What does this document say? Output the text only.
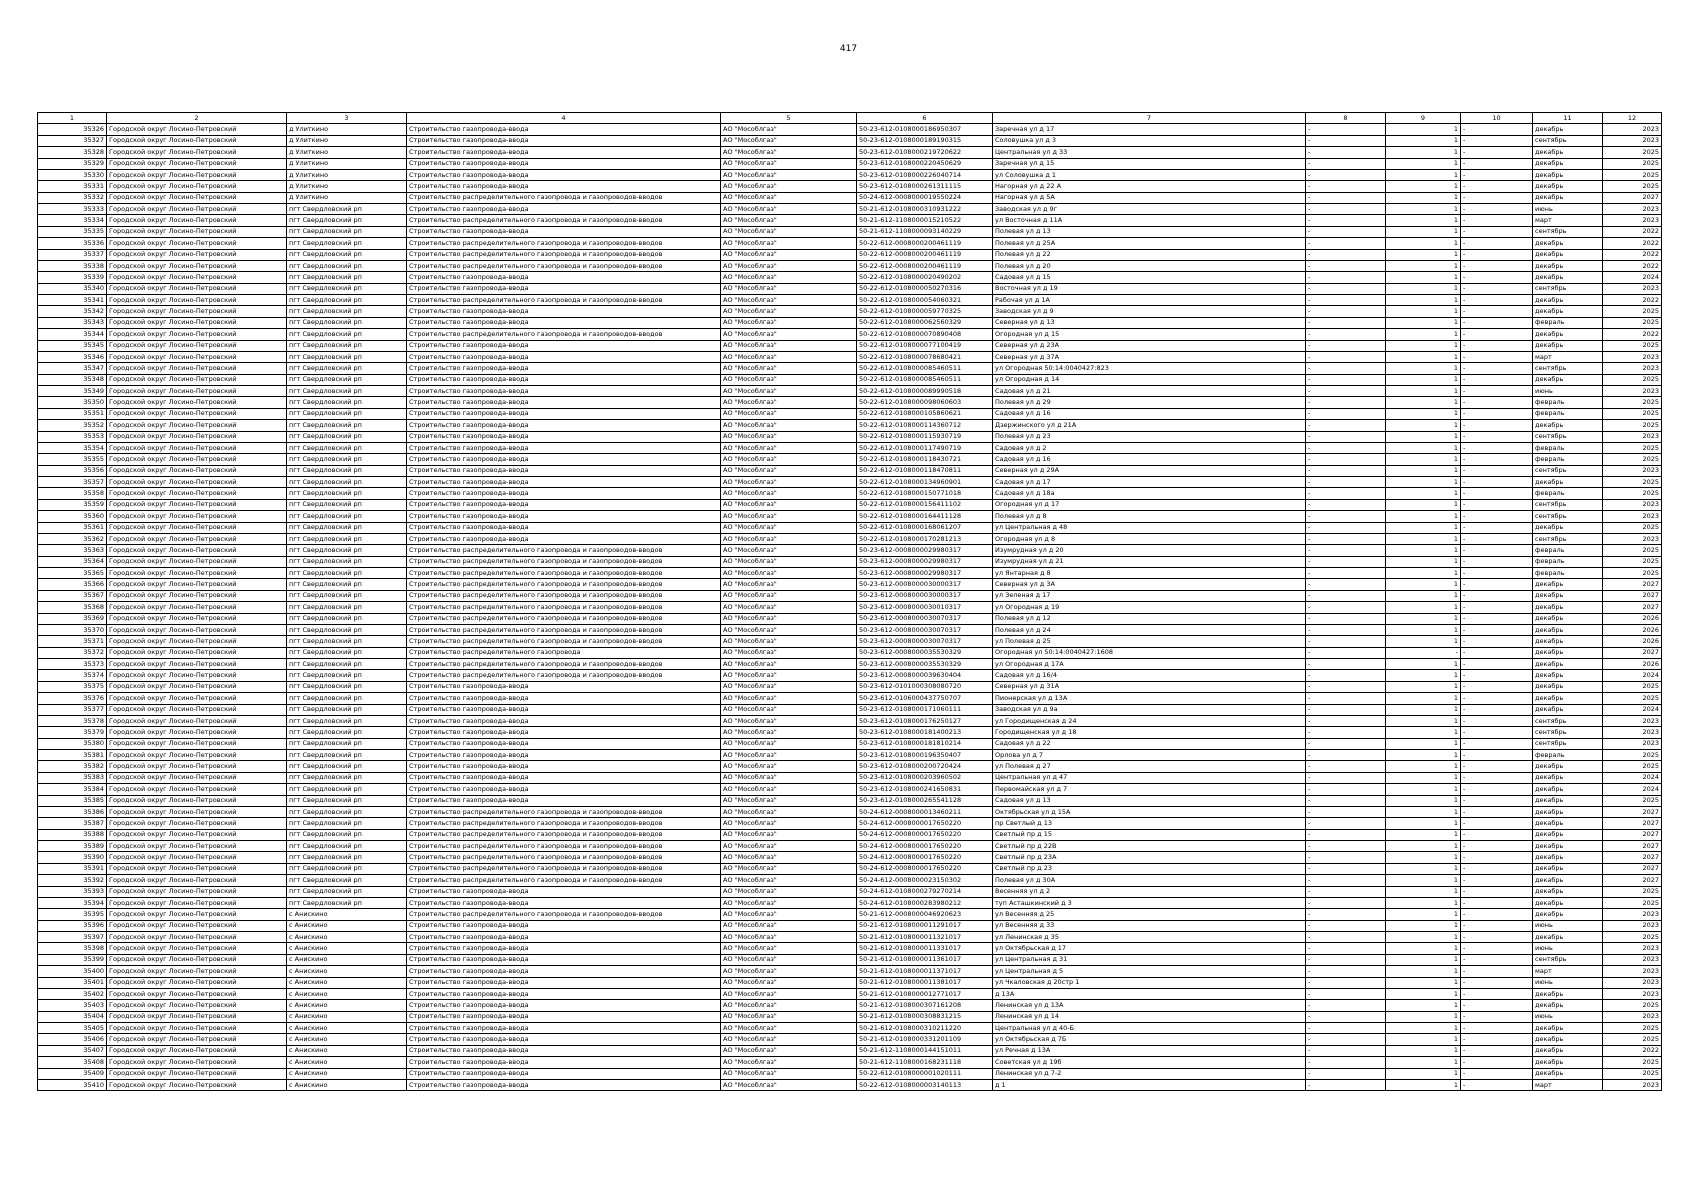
417
1	2	3	4	5	6	7	8	9	10	11	12
35326	Городской округ Лосино-Петровский	д Улиткино	Строительство газопровода-ввода	АО "Мособлгаз"	50-23-612-0108000186950307	Заречная ул д 17	-	1	-	декабрь	2023
35327	Городской округ Лосино-Петровский	д Улиткино	Строительство газопровода-ввода	АО "Мособлгаз"	50-23-612-0108000189190315	Соловушка ул д 3	-	1	-	сентябрь	2023
35328	Городской округ Лосино-Петровский	д Улиткино	Строительство газопровода-ввода	АО "Мособлгаз"	50-23-612-0108000219720622	Центральная ул д 33	-	1	-	декабрь	2025
35329	Городской округ Лосино-Петровский	д Улиткино	Строительство газопровода-ввода	АО "Мособлгаз"	50-23-612-0108000220450629	Заречная ул д 15	-	1	-	декабрь	2025
35330	Городской округ Лосино-Петровский	д Улиткино	Строительство газопровода-ввода	АО "Мособлгаз"	50-23-612-0108000226040714	ул Соловушка д 1	-	1	-	декабрь	2025
35331	Городской округ Лосино-Петровский	д Улиткино	Строительство газопровода-ввода	АО "Мособлгаз"	50-23-612-0108000261311115	Нагорная ул д 22 А	-	1	-	декабрь	2025
35332	Городской округ Лосино-Петровский	д Улиткино	Строительство распределительного газопровода и газопроводов-вводов	АО "Мособлгаз"	50-24-612-0008000019550224	Нагорная ул д 5А	-	1	-	декабрь	2027
35333	Городской округ Лосино-Петровский	пгт Свердловский рп	Строительство газопровода-ввода	АО "Мособлгаз"	50-21-612-0108000310931222	Заводская ул д 9г	-	1	-	июнь	2023
35334	Городской округ Лосино-Петровский	пгт Свердловский рп	Строительство распределительного газопровода и газопроводов-вводов	АО "Мособлгаз"	50-21-612-1108000015210522	ул Восточная д 11А	-	1	-	март	2023
35335	Городской округ Лосино-Петровский	пгт Свердловский рп	Строительство газопровода-ввода	АО "Мособлгаз"	50-21-612-1108000093140229	Полевая ул д 13	-	1	-	сентябрь	2022
35336	Городской округ Лосино-Петровский	пгт Свердловский рп	Строительство распределительного газопровода и газопроводов-вводов	АО "Мособлгаз"	50-22-612-0008000200461119	Полевая ул д 25А	-	1	-	декабрь	2022
35337	Городской округ Лосино-Петровский	пгт Свердловский рп	Строительство распределительного газопровода и газопроводов-вводов	АО "Мособлгаз"	50-22-612-0008000200461119	Полевая ул д 22	-	1	-	декабрь	2022
35338	Городской округ Лосино-Петровский	пгт Свердловский рп	Строительство распределительного газопровода и газопроводов-вводов	АО "Мособлгаз"	50-22-612-0008000200461119	Полевая ул д 20	-	1	-	декабрь	2022
35339	Городской округ Лосино-Петровский	пгт Свердловский рп	Строительство газопровода-ввода	АО "Мособлгаз"	50-22-612-0108000020490202	Садовая ул д 15	-	1	-	декабрь	2024
35340	Городской округ Лосино-Петровский	пгт Свердловский рп	Строительство газопровода-ввода	АО "Мособлгаз"	50-22-612-0108000050270316	Восточная ул д 19	-	1	-	сентябрь	2023
35341	Городской округ Лосино-Петровский	пгт Свердловский рп	Строительство распределительного газопровода и газопроводов-вводов	АО "Мособлгаз"	50-22-612-0108000054060321	Рабочая ул д 1А	-	1	-	декабрь	2022
35342	Городской округ Лосино-Петровский	пгт Свердловский рп	Строительство газопровода-ввода	АО "Мособлгаз"	50-22-612-0108000059770325	Заводская ул д 9	-	1	-	декабрь	2025
35343	Городской округ Лосино-Петровский	пгт Свердловский рп	Строительство газопровода-ввода	АО "Мособлгаз"	50-22-612-0108000062560329	Северная ул д 13	-	1	-	февраль	2025
35344	Городской округ Лосино-Петровский	пгт Свердловский рп	Строительство распределительного газопровода и газопроводов-вводов	АО "Мособлгаз"	50-22-612-0108000070890408	Огородная ул д 15	-	1	-	декабрь	2022
35345	Городской округ Лосино-Петровский	пгт Свердловский рп	Строительство газопровода-ввода	АО "Мособлгаз"	50-22-612-0108000077100419	Северная ул д 23А	-	1	-	декабрь	2025
35346	Городской округ Лосино-Петровский	пгт Свердловский рп	Строительство газопровода-ввода	АО "Мособлгаз"	50-22-612-0108000078680421	Северная ул д 37А	-	1	-	март	2023
35347	Городской округ Лосино-Петровский	пгт Свердловский рп	Строительство газопровода-ввода	АО "Мособлгаз"	50-22-612-0108000085460511	ул Огородная 50:14:0040427:823	-	1	-	сентябрь	2023
35348	Городской округ Лосино-Петровский	пгт Свердловский рп	Строительство газопровода-ввода	АО "Мособлгаз"	50-22-612-0108000085460511	ул Огородная д 14	-	1	-	декабрь	2025
35349	Городской округ Лосино-Петровский	пгт Свердловский рп	Строительство газопровода-ввода	АО "Мособлгаз"	50-22-612-0108000089990518	Садовая ул д 21	-	1	-	июнь	2023
35350	Городской округ Лосино-Петровский	пгт Свердловский рп	Строительство газопровода-ввода	АО "Мособлгаз"	50-22-612-0108000098060603	Полевая ул д 29	-	1	-	февраль	2025
35351	Городской округ Лосино-Петровский	пгт Свердловский рп	Строительство газопровода-ввода	АО "Мособлгаз"	50-22-612-0108000105860621	Садовая ул д 16	-	1	-	февраль	2025
35352	Городской округ Лосино-Петровский	пгт Свердловский рп	Строительство газопровода-ввода	АО "Мособлгаз"	50-22-612-0108000114360712	Дзержинского ул д 21А	-	1	-	декабрь	2025
35353	Городской округ Лосино-Петровский	пгт Свердловский рп	Строительство газопровода-ввода	АО "Мособлгаз"	50-22-612-0108000115930719	Полевая ул д 23	-	1	-	сентябрь	2023
35354	Городской округ Лосино-Петровский	пгт Свердловский рп	Строительство газопровода-ввода	АО "Мособлгаз"	50-22-612-0108000117490719	Садовая ул д 2	-	1	-	февраль	2025
35355	Городской округ Лосино-Петровский	пгт Свердловский рп	Строительство газопровода-ввода	АО "Мособлгаз"	50-22-612-0108000118430721	Садовая ул д 16	-	1	-	февраль	2025
35356	Городской округ Лосино-Петровский	пгт Свердловский рп	Строительство газопровода-ввода	АО "Мособлгаз"	50-22-612-0108000118470811	Северная ул д 29А	-	1	-	сентябрь	2023
35357	Городской округ Лосино-Петровский	пгт Свердловский рп	Строительство газопровода-ввода	АО "Мособлгаз"	50-22-612-0108000134960901	Садовая ул д 17	-	1	-	декабрь	2025
35358	Городской округ Лосино-Петровский	пгт Свердловский рп	Строительство газопровода-ввода	АО "Мособлгаз"	50-22-612-0108000150771018	Садовая ул д 18а	-	1	-	февраль	2025
35359	Городской округ Лосино-Петровский	пгт Свердловский рп	Строительство газопровода-ввода	АО "Мособлгаз"	50-22-612-0108000156411102	Огородная ул д 17	-	1	-	сентябрь	2023
35360	Городской округ Лосино-Петровский	пгт Свердловский рп	Строительство газопровода-ввода	АО "Мособлгаз"	50-22-612-0108000164411128	Полевая ул д 8	-	1	-	сентябрь	2023
35361	Городской округ Лосино-Петровский	пгт Свердловский рп	Строительство газопровода-ввода	АО "Мособлгаз"	50-22-612-0108000168061207	ул Центральная д 48	-	1	-	декабрь	2025
35362	Городской округ Лосино-Петровский	пгт Свердловский рп	Строительство газопровода-ввода	АО "Мособлгаз"	50-22-612-0108000170281213	Огородная ул д 8	-	1	-	сентябрь	2023
35363	Городской округ Лосино-Петровский	пгт Свердловский рп	Строительство распределительного газопровода и газопроводов-вводов	АО "Мособлгаз"	50-23-612-0008000029980317	Изумрудная ул д 20	-	1	-	февраль	2025
35364	Городской округ Лосино-Петровский	пгт Свердловский рп	Строительство распределительного газопровода и газопроводов-вводов	АО "Мособлгаз"	50-23-612-0008000029980317	Изумрудная ул д 21	-	1	-	февраль	2025
35365	Городской округ Лосино-Петровский	пгт Свердловский рп	Строительство распределительного газопровода и газопроводов-вводов	АО "Мособлгаз"	50-23-612-0008000029980317	ул Янтарная д 8	-	1	-	февраль	2025
35366	Городской округ Лосино-Петровский	пгт Свердловский рп	Строительство распределительного газопровода и газопроводов-вводов	АО "Мособлгаз"	50-23-612-0008000030000317	Северная ул д 3А	-	1	-	декабрь	2027
35367	Городской округ Лосино-Петровский	пгт Свердловский рп	Строительство распределительного газопровода и газопроводов-вводов	АО "Мособлгаз"	50-23-612-0008000030000317	ул Зеленая д 17	-	1	-	декабрь	2027
35368	Городской округ Лосино-Петровский	пгт Свердловский рп	Строительство распределительного газопровода и газопроводов-вводов	АО "Мособлгаз"	50-23-612-0008000030010317	ул Огородная д 19	-	1	-	декабрь	2027
35369	Городской округ Лосино-Петровский	пгт Свердловский рп	Строительство распределительного газопровода и газопроводов-вводов	АО "Мособлгаз"	50-23-612-0008000030070317	Полевая ул д 12	-	1	-	декабрь	2026
35370	Городской округ Лосино-Петровский	пгт Свердловский рп	Строительство распределительного газопровода и газопроводов-вводов	АО "Мособлгаз"	50-23-612-0008000030070317	Полевая ул д 24	-	1	-	декабрь	2026
35371	Городской округ Лосино-Петровский	пгт Свердловский рп	Строительство распределительного газопровода и газопроводов-вводов	АО "Мособлгаз"	50-23-612-0008000030070317	ул Полевая д 25	-	1	-	декабрь	2026
35372	Городской округ Лосино-Петровский	пгт Свердловский рп	Строительство распределительного газопровода	АО "Мособлгаз"	50-23-612-0008000035530329	Огородная ул 50:14:0040427:1608	-	-	-	декабрь	2027
35373	Городской округ Лосино-Петровский	пгт Свердловский рп	Строительство распределительного газопровода и газопроводов-вводов	АО "Мособлгаз"	50-23-612-0008000035530329	ул Огородная д 17А	-	1	-	декабрь	2026
35374	Городской округ Лосино-Петровский	пгт Свердловский рп	Строительство распределительного газопровода и газопроводов-вводов	АО "Мособлгаз"	50-23-612-0008000039630404	Садовая ул д 16/4	-	1	-	декабрь	2024
35375	Городской округ Лосино-Петровский	пгт Свердловский рп	Строительство газопровода-ввода	АО "Мособлгаз"	50-23-612-0101000308080720	Северная ул д 31А	-	1	-	декабрь	2025
35376	Городской округ Лосино-Петровский	пгт Свердловский рп	Строительство газопровода-ввода	АО "Мособлгаз"	50-23-612-0106000437750707	Пионерская ул д 13А	-	1	-	декабрь	2025
35377	Городской округ Лосино-Петровский	пгт Свердловский рп	Строительство газопровода-ввода	АО "Мособлгаз"	50-23-612-0108000171060111	Заводская ул д 9а	-	1	-	декабрь	2024
35378	Городской округ Лосино-Петровский	пгт Свердловский рп	Строительство газопровода-ввода	АО "Мособлгаз"	50-23-612-0108000176250127	ул Городищенская д 24	-	1	-	сентябрь	2023
35379	Городской округ Лосино-Петровский	пгт Свердловский рп	Строительство газопровода-ввода	АО "Мособлгаз"	50-23-612-0108000181400213	Городищенская ул д 18	-	1	-	сентябрь	2023
35380	Городской округ Лосино-Петровский	пгт Свердловский рп	Строительство газопровода-ввода	АО "Мособлгаз"	50-23-612-0108000181810214	Садовая ул д 22	-	1	-	сентябрь	2023
35381	Городской округ Лосино-Петровский	пгт Свердловский рп	Строительство газопровода-ввода	АО "Мособлгаз"	50-23-612-0108000196350407	Орлова ул д 7	-	1	-	февраль	2025
35382	Городской округ Лосино-Петровский	пгт Свердловский рп	Строительство газопровода-ввода	АО "Мособлгаз"	50-23-612-0108000200720424	ул Полевая д 27	-	1	-	декабрь	2025
35383	Городской округ Лосино-Петровский	пгт Свердловский рп	Строительство газопровода-ввода	АО "Мособлгаз"	50-23-612-0108000203960502	Центральная ул д 47	-	1	-	декабрь	2024
35384	Городской округ Лосино-Петровский	пгт Свердловский рп	Строительство газопровода-ввода	АО "Мособлгаз"	50-23-612-0108000241650831	Первомайская ул д 7	-	1	-	декабрь	2024
35385	Городской округ Лосино-Петровский	пгт Свердловский рп	Строительство газопровода-ввода	АО "Мособлгаз"	50-23-612-0108000265541128	Садовая ул д 13	-	1	-	декабрь	2025
35386	Городской округ Лосино-Петровский	пгт Свердловский рп	Строительство распределительного газопровода и газопроводов-вводов	АО "Мособлгаз"	50-24-612-0008000013460211	Октябрьская ул д 15А	-	1	-	декабрь	2027
35387	Городской округ Лосино-Петровский	пгт Свердловский рп	Строительство распределительного газопровода и газопроводов-вводов	АО "Мособлгаз"	50-24-612-0008000017650220	пр Светлый д 13	-	1	-	декабрь	2027
35388	Городской округ Лосино-Петровский	пгт Свердловский рп	Строительство распределительного газопровода и газопроводов-вводов	АО "Мособлгаз"	50-24-612-0008000017650220	Светлый пр д 15	-	1	-	декабрь	2027
35389	Городской округ Лосино-Петровский	пгт Свердловский рп	Строительство распределительного газопровода и газопроводов-вводов	АО "Мособлгаз"	50-24-612-0008000017650220	Светлый пр д 22В	-	1	-	декабрь	2027
35390	Городской округ Лосино-Петровский	пгт Свердловский рп	Строительство распределительного газопровода и газопроводов-вводов	АО "Мособлгаз"	50-24-612-0008000017650220	Светлый пр д 23А	-	1	-	декабрь	2027
35391	Городской округ Лосино-Петровский	пгт Свердловский рп	Строительство распределительного газопровода и газопроводов-вводов	АО "Мособлгаз"	50-24-612-0008000017650220	Светлый пр д 23	-	1	-	декабрь	2027
35392	Городской округ Лосино-Петровский	пгт Свердловский рп	Строительство распределительного газопровода и газопроводов-вводов	АО "Мособлгаз"	50-24-612-0008000023150302	Полевая ул д 30А	-	1	-	декабрь	2027
35393	Городской округ Лосино-Петровский	пгт Свердловский рп	Строительство газопровода-ввода	АО "Мособлгаз"	50-24-612-0108000279270214	Весенняя ул д 2	-	1	-	декабрь	2025
35394	Городской округ Лосино-Петровский	пгт Свердловский рп	Строительство газопровода-ввода	АО "Мособлгаз"	50-24-612-0108000283980212	туп Асташкинский д 3	-	1	-	декабрь	2025
35395	Городской округ Лосино-Петровский	с Анискино	Строительство распределительного газопровода и газопроводов-вводов	АО "Мособлгаз"	50-21-612-0008000046920623	ул Весенняя д 25	-	1	-	декабрь	2023
35396	Городской округ Лосино-Петровский	с Анискино	Строительство газопровода-ввода	АО "Мособлгаз"	50-21-612-0108000011291017	ул Весенняя д 33	-	1	-	июнь	2023
35397	Городской округ Лосино-Петровский	с Анискино	Строительство газопровода-ввода	АО "Мособлгаз"	50-21-612-0108000011321017	ул Ленинская д 35	-	1	-	декабрь	2025
35398	Городской округ Лосино-Петровский	с Анискино	Строительство газопровода-ввода	АО "Мособлгаз"	50-21-612-0108000011331017	ул Октябрьская д 17	-	1	-	июнь	2023
35399	Городской округ Лосино-Петровский	с Анискино	Строительство газопровода-ввода	АО "Мособлгаз"	50-21-612-0108000011361017	ул Центральная д 31	-	1	-	сентябрь	2023
35400	Городской округ Лосино-Петровский	с Анискино	Строительство газопровода-ввода	АО "Мособлгаз"	50-21-612-0108000011371017	ул Центральная д 5	-	1	-	март	2023
35401	Городской округ Лосино-Петровский	с Анискино	Строительство газопровода-ввода	АО "Мособлгаз"	50-21-612-0108000011381017	ул Чкаловская д 20стр 1	-	1	-	июнь	2023
35402	Городской округ Лосино-Петровский	с Анискино	Строительство газопровода-ввода	АО "Мособлгаз"	50-21-612-0108000012771017	д 13А	-	1	-	декабрь	2023
35403	Городской округ Лосино-Петровский	с Анискино	Строительство газопровода-ввода	АО "Мособлгаз"	50-21-612-0108000307161208	Ленинская ул д 13А	-	1	-	декабрь	2025
35404	Городской округ Лосино-Петровский	с Анискино	Строительство газопровода-ввода	АО "Мособлгаз"	50-21-612-0108000308831215	Ленинская ул д 14	-	1	-	июнь	2023
35405	Городской округ Лосино-Петровский	с Анискино	Строительство газопровода-ввода	АО "Мособлгаз"	50-21-612-0108000310211220	Центральная ул д 40-Б	-	1	-	декабрь	2025
35406	Городской округ Лосино-Петровский	с Анискино	Строительство газопровода-ввода	АО "Мособлгаз"	50-21-612-0108000331201109	ул Октябрьская д 7Б	-	1	-	декабрь	2025
35407	Городской округ Лосино-Петровский	с Анискино	Строительство газопровода-ввода	АО "Мособлгаз"	50-21-612-1108000144151011	ул Речная д 13А	-	1	-	декабрь	2022
35408	Городской округ Лосино-Петровский	с Анискино	Строительство газопровода-ввода	АО "Мособлгаз"	50-21-612-1108000168231118	Советская ул д 19б	-	1	-	декабрь	2025
35409	Городской округ Лосино-Петровский	с Анискино	Строительство газопровода-ввода	АО "Мособлгаз"	50-22-612-0108000001020111	Ленинская ул д 7-2	-	1	-	декабрь	2025
35410	Городской округ Лосино-Петровский	с Анискино	Строительство газопровода-ввода	АО "Мособлгаз"	50-22-612-0108000003140113	д 1	-	1	-	март	2023
